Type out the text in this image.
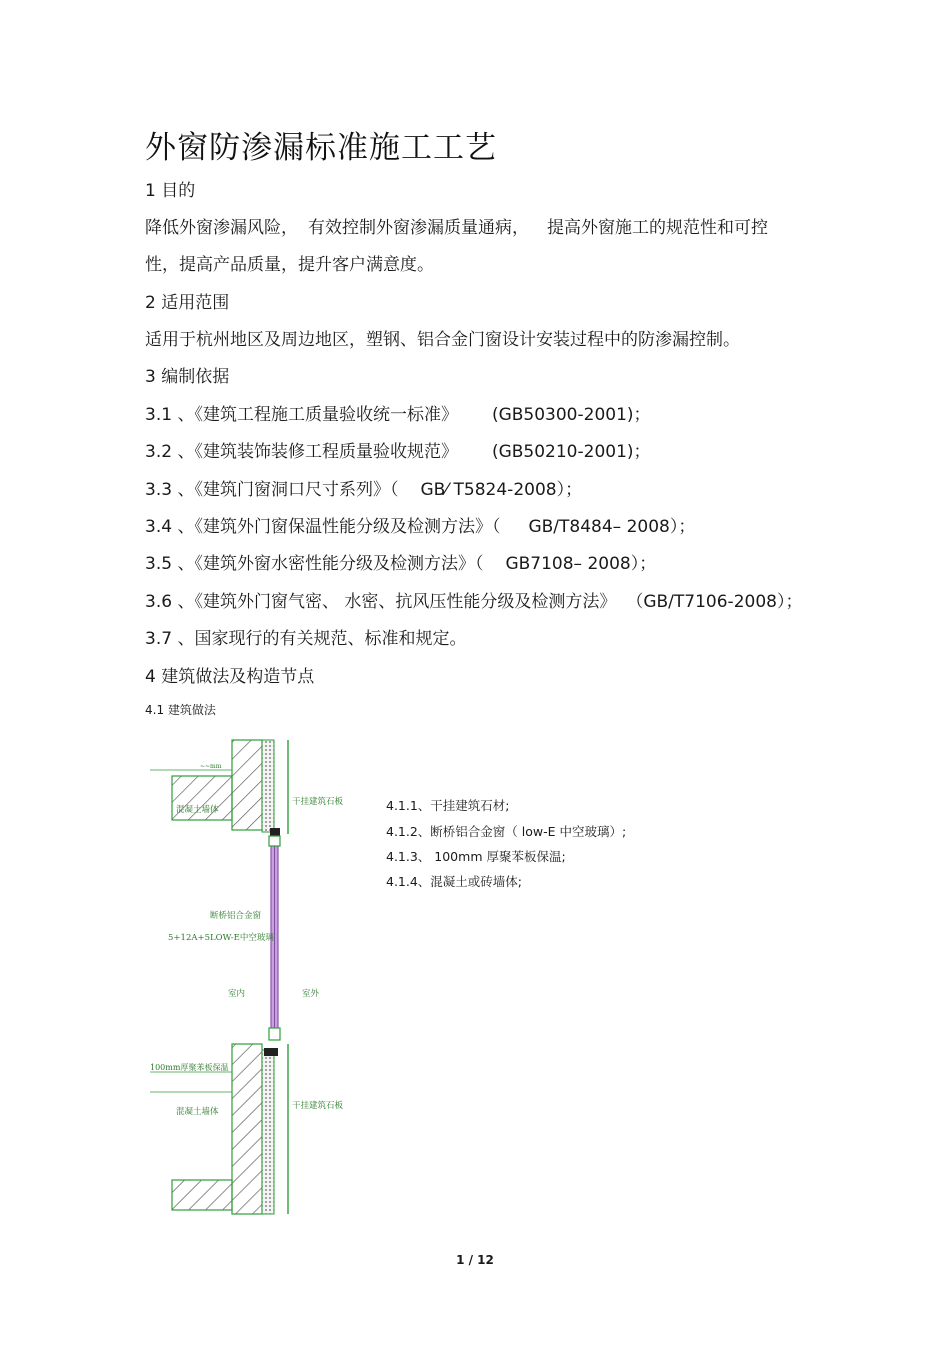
外窗防渗漏标准施工工艺
1 目的
降低外窗渗漏风险， 有效控制外窗渗漏质量通病， 提高外窗施工的规范性和可控
性，提高产品质量，提升客户满意度。
2 适用范围
适用于杭州地区及周边地区，塑钢、铝合金门窗设计安装过程中的防渗漏控制。
3 编制依据
3.1 、《建筑工程施工质量验收统一标准》 (GB50300-2001)；
3.2 、《建筑装饰装修工程质量验收规范》 (GB50210-2001)；
3.3 、《建筑门窗洞口尺寸系列》（ GB⁄ T5824-2008）；
3.4 、《建筑外门窗保温性能分级及检测方法》（ GB/T8484– 2008）；
3.5 、《建筑外窗水密性能分级及检测方法》（ GB7108– 2008）；
3.6 、《建筑外门窗气密、 水密、抗风压性能分级及检测方法》 （GB/T7106-2008）；
3.7 、国家现行的有关规范、标准和规定。
4 建筑做法及构造节点
4.1 建筑做法
~~mm
混凝土墙体
干挂建筑石板
断桥铝合金窗
5+12A+5LOW-E中空玻璃
室内	室外
100mm厚聚苯板保温
混凝土墙体
干挂建筑石板
4.1.1、干挂建筑石材;
4.1.2、断桥铝合金窗（ low-E 中空玻璃）;
4.1.3、 100mm 厚聚苯板保温;
4.1.4、混凝土或砖墙体;
1 / 12
